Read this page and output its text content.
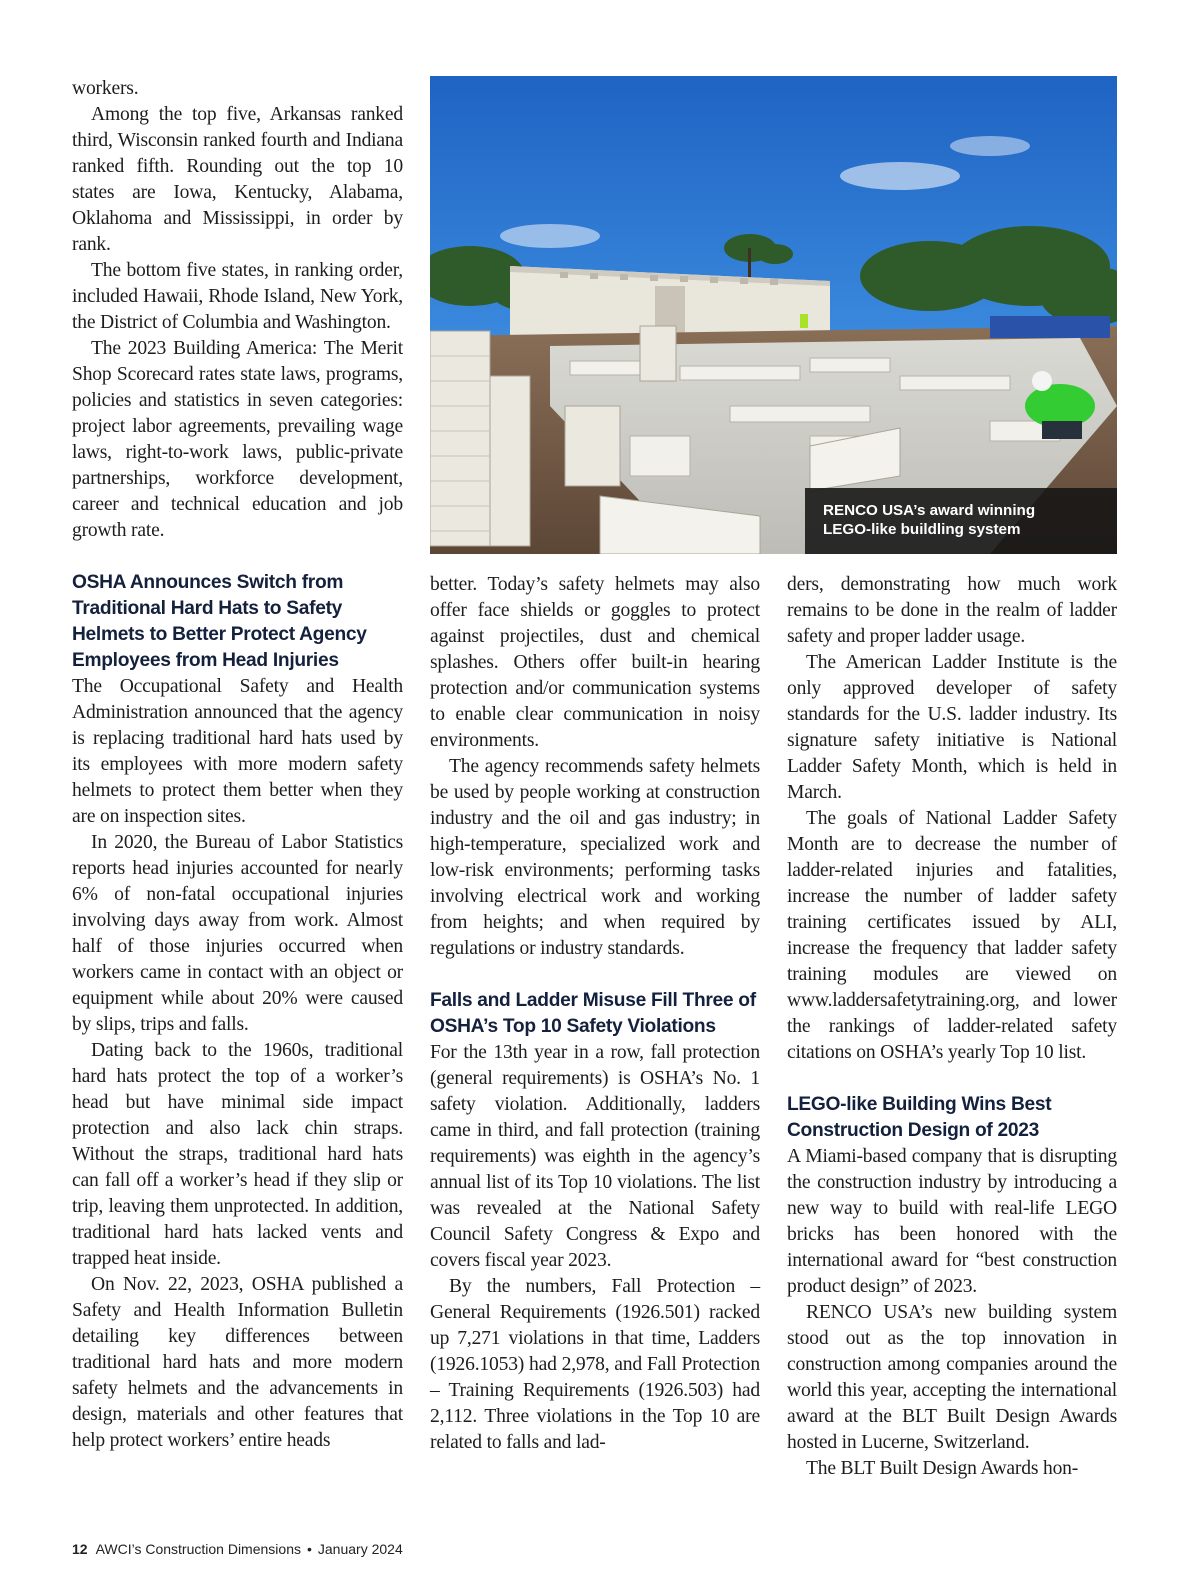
workers.

Among the top five, Arkansas ranked third, Wisconsin ranked fourth and Indiana ranked fifth. Rounding out the top 10 states are Iowa, Kentucky, Alabama, Oklahoma and Mississippi, in order by rank.

The bottom five states, in ranking order, included Hawaii, Rhode Island, New York, the District of Columbia and Washington.

The 2023 Building America: The Merit Shop Scorecard rates state laws, programs, policies and statistics in seven categories: project labor agreements, prevailing wage laws, right-to-work laws, public-private partnerships, workforce development, career and technical education and job growth rate.

OSHA Announces Switch from Traditional Hard Hats to Safety Helmets to Better Protect Agency Employees from Head Injuries

The Occupational Safety and Health Administration announced that the agency is replacing traditional hard hats used by its employees with more modern safety helmets to protect them better when they are on inspection sites.

In 2020, the Bureau of Labor Statistics reports head injuries accounted for nearly 6% of non-fatal occupational injuries involving days away from work. Almost half of those injuries occurred when workers came in contact with an object or equipment while about 20% were caused by slips, trips and falls.

Dating back to the 1960s, traditional hard hats protect the top of a worker’s head but have minimal side impact protection and also lack chin straps. Without the straps, traditional hard hats can fall off a worker’s head if they slip or trip, leaving them unprotected. In addition, traditional hard hats lacked vents and trapped heat inside.

On Nov. 22, 2023, OSHA published a Safety and Health Information Bulletin detailing key differences between traditional hard hats and more modern safety helmets and the advancements in design, materials and other features that help protect workers’ entire heads

RENCO USA’s award winning
LEGO-like buildling system

better. Today’s safety helmets may also offer face shields or goggles to protect against projectiles, dust and chemical splashes. Others offer built-in hearing protection and/or communication systems to enable clear communication in noisy environments.

The agency recommends safety helmets be used by people working at construction industry and the oil and gas industry; in high-temperature, specialized work and low-risk environments; performing tasks involving electrical work and working from heights; and when required by regulations or industry standards.

Falls and Ladder Misuse Fill Three of OSHA’s Top 10 Safety Violations

For the 13th year in a row, fall protection (general requirements) is OSHA’s No. 1 safety violation. Additionally, ladders came in third, and fall protection (training requirements) was eighth in the agency’s annual list of its Top 10 violations. The list was revealed at the National Safety Council Safety Congress & Expo and covers fiscal year 2023.

By the numbers, Fall Protection – General Requirements (1926.501) racked up 7,271 violations in that time, Ladders (1926.1053) had 2,978, and Fall Protection – Training Requirements (1926.503) had 2,112. Three violations in the Top 10 are related to falls and lad-

ders, demonstrating how much work remains to be done in the realm of ladder safety and proper ladder usage.

The American Ladder Institute is the only approved developer of safety standards for the U.S. ladder industry. Its signature safety initiative is National Ladder Safety Month, which is held in March.

The goals of National Ladder Safety Month are to decrease the number of ladder-related injuries and fatalities, increase the number of ladder safety training certificates issued by ALI, increase the frequency that ladder safety training modules are viewed on www.laddersafetytraining.org, and lower the rankings of ladder-related safety citations on OSHA’s yearly Top 10 list.

LEGO-like Building Wins Best Construction Design of 2023

A Miami-based company that is disrupting the construction industry by introducing a new way to build with real-life LEGO bricks has been honored with the international award for “best construction product design” of 2023.

RENCO USA’s new building system stood out as the top innovation in construction among companies around the world this year, accepting the international award at the BLT Built Design Awards hosted in Lucerne, Switzerland.

The BLT Built Design Awards hon-

12 AWCI’s Construction Dimensions • January 2024
